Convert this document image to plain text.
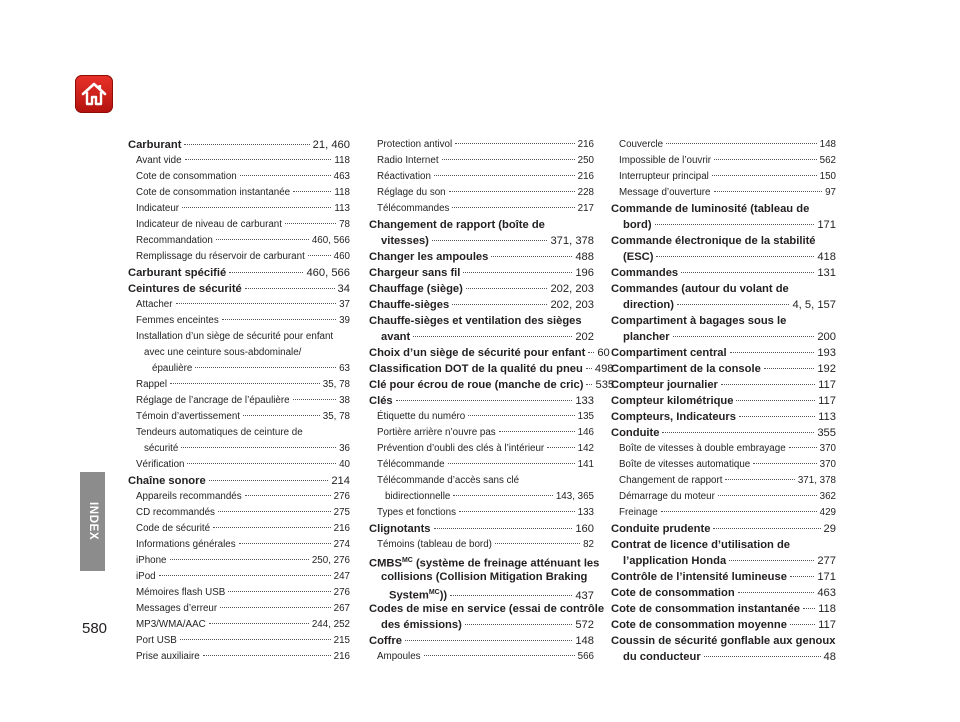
INDEX
580
Carburant	21, 460
Avant vide	118
Cote de consommation	463
Cote de consommation instantanée	118
Indicateur	113
Indicateur de niveau de carburant	78
Recommandation	460, 566
Remplissage du réservoir de carburant	460
Carburant spécifié	460, 566
Ceintures de sécurité	34
Attacher	37
Femmes enceintes	39
Installation d’un siège de sécurité pour enfant
avec une ceinture sous-abdominale/
épaulière	63
Rappel	35, 78
Réglage de l’ancrage de l’épaulière	38
Témoin d’avertissement	35, 78
Tendeurs automatiques de ceinture de
sécurité	36
Vérification	40
Chaîne sonore	214
Appareils recommandés	276
CD recommandés	275
Code de sécurité	216
Informations générales	274
iPhone	250, 276
iPod	247
Mémoires flash USB	276
Messages d’erreur	267
MP3/WMA/AAC	244, 252
Port USB	215
Prise auxiliaire	216
Protection antivol	216
Radio Internet	250
Réactivation	216
Réglage du son	228
Télécommandes	217
Changement de rapport (boîte de
vitesses)	371, 378
Changer les ampoules	488
Chargeur sans fil	196
Chauffage (siège)	202, 203
Chauffe-sièges	202, 203
Chauffe-sièges et ventilation des sièges
avant	202
Choix d’un siège de sécurité pour enfant 60
Classification DOT de la qualité du pneu 498
Clé pour écrou de roue (manche de cric) 535
Clés	133
Étiquette du numéro	135
Portière arrière n’ouvre pas	146
Prévention d’oubli des clés à l’intérieur	142
Télécommande	141
Télécommande d’accès sans clé
bidirectionnelle	143, 365
Types et fonctions	133
Clignotants	160
Témoins (tableau de bord)	82
$CMBS^{MC}$ (système de freinage atténuant les
collisions (Collision Mitigation Braking
System$^{MC}$))	437
Codes de mise en service (essai de contrôle
des émissions)	572
Coffre	148
Ampoules	566
Couvercle	148
Impossible de l’ouvrir	562
Interrupteur principal	150
Message d’ouverture	97
Commande de luminosité (tableau de
bord)	171
Commande électronique de la stabilité
(ESC)	418
Commandes	131
Commandes (autour du volant de
direction)	4, 5, 157
Compartiment à bagages sous le
plancher	200
Compartiment central	193
Compartiment de la console	192
Compteur journalier	117
Compteur kilométrique	117
Compteurs, Indicateurs	113
Conduite	355
Boîte de vitesses à double embrayage	370
Boîte de vitesses automatique	370
Changement de rapport	371, 378
Démarrage du moteur	362
Freinage	429
Conduite prudente	29
Contrat de licence d’utilisation de
l’application Honda	277
Contrôle de l’intensité lumineuse	171
Cote de consommation	463
Cote de consommation instantanée 118
Cote de consommation moyenne	117
Coussin de sécurité gonflable aux genoux
du conducteur	48
